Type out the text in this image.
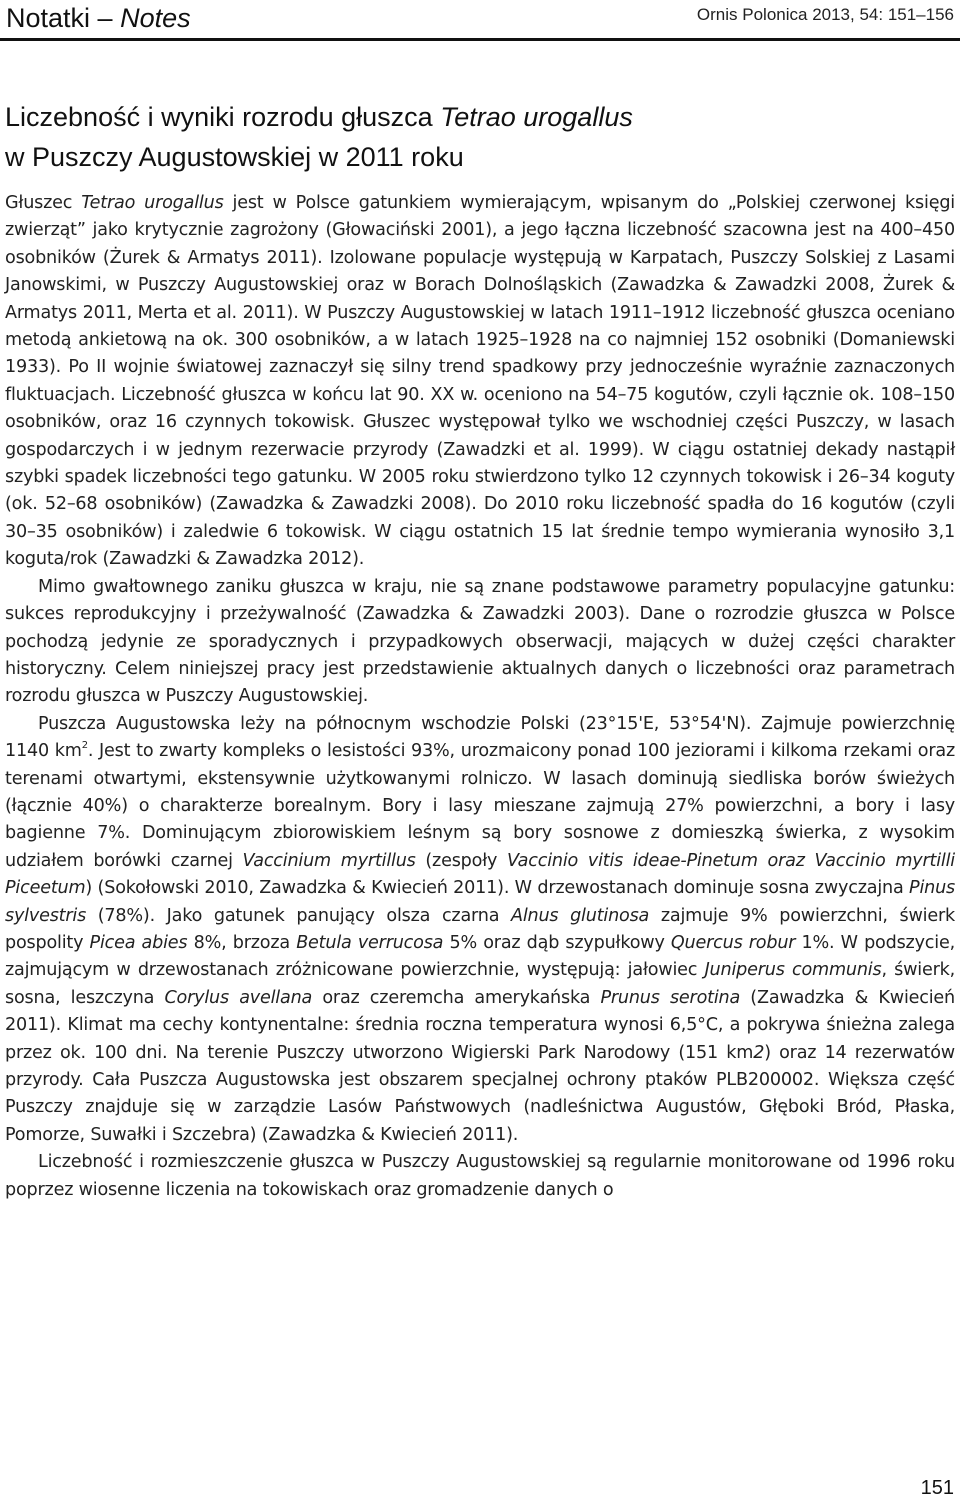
Notatki – Notes	Ornis Polonica 2013, 54: 151–156
Liczebność i wyniki rozrodu głuszca Tetrao urogallus
w Puszczy Augustowskiej w 2011 roku

Głuszec Tetrao urogallus jest w Polsce gatunkiem wymierającym, wpisanym do „Polskiej czerwonej księgi zwierząt” jako krytycznie zagrożony (Głowaciński 2001), a jego łączna liczebność szacowna jest na 400–450 osobników (Żurek & Armatys 2011). Izolowane populacje występują w Karpatach, Puszczy Solskiej z Lasami Janowskimi, w Puszczy Augustowskiej oraz w Borach Dolnośląskich (Zawadzka & Zawadzki 2008, Żurek & Armatys 2011, Merta et al. 2011). W Puszczy Augustowskiej w latach 1911–1912 liczebność głuszca oceniano metodą ankietową na ok. 300 osobników, a w latach 1925–1928 na co najmniej 152 osobniki (Domaniewski 1933). Po II wojnie światowej zaznaczył się silny trend spadkowy przy jednocześnie wyraźnie zaznaczonych fluktuacjach. Liczebność głuszca w końcu lat 90. XX w. oceniono na 54–75 kogutów, czyli łącznie ok. 108–150 osobników, oraz 16 czynnych tokowisk. Głuszec występował tylko we wschodniej części Puszczy, w lasach gospodarczych i w jednym rezerwacie przyrody (Zawadzki et al. 1999). W ciągu ostatniej dekady nastąpił szybki spadek liczebności tego gatunku. W 2005 roku stwierdzono tylko 12 czynnych tokowisk i 26–34 koguty (ok. 52–68 osobników) (Zawadzka & Zawadzki 2008). Do 2010 roku liczebność spadła do 16 kogutów (czyli 30–35 osobników) i zaledwie 6 tokowisk. W ciągu ostatnich 15 lat średnie tempo wymierania wynosiło 3,1 koguta/rok (Zawadzki & Zawadzka 2012).

Mimo gwałtownego zaniku głuszca w kraju, nie są znane podstawowe parametry populacyjne gatunku: sukces reprodukcyjny i przeżywalność (Zawadzka & Zawadzki 2003). Dane o rozrodzie głuszca w Polsce pochodzą jedynie ze sporadycznych i przypadkowych obserwacji, mających w dużej części charakter historyczny. Celem niniejszej pracy jest przedstawienie aktualnych danych o liczebności oraz parametrach rozrodu głuszca w Puszczy Augustowskiej.

Puszcza Augustowska leży na północnym wschodzie Polski (23°15'E, 53°54'N). Zajmuje powierzchnię 1140 $km^2$. Jest to zwarty kompleks o lesistości 93%, urozmaicony ponad 100 jeziorami i kilkoma rzekami oraz terenami otwartymi, ekstensywnie użytkowanymi rolniczo. W lasach dominują siedliska borów świeżych (łącznie 40%) o charakterze borealnym. Bory i lasy mieszane zajmują 27% powierzchni, a bory i lasy bagienne 7%. Dominującym zbiorowiskiem leśnym są bory sosnowe z domieszką świerka, z wysokim udziałem borówki czarnej Vaccinium myrtillus (zespoły Vaccinio vitis ideae-Pinetum oraz Vaccinio myrtilli Piceetum) (Sokołowski 2010, Zawadzka & Kwiecień 2011). W drzewostanach dominuje sosna zwyczajna Pinus sylvestris (78%). Jako gatunek panujący olsza czarna Alnus glutinosa zajmuje 9% powierzchni, świerk pospolity Picea abies 8%, brzoza Betula verrucosa 5% oraz dąb szypułkowy Quercus robur 1%. W podszycie, zajmującym w drzewostanach zróżnicowane powierzchnie, występują: jałowiec Juniperus communis, świerk, sosna, leszczyna Corylus avellana oraz czeremcha amerykańska Prunus serotina (Zawadzka & Kwiecień 2011). Klimat ma cechy kontynentalne: średnia roczna temperatura wynosi 6,5°C, a pokrywa śnieżna zalega przez ok. 100 dni. Na terenie Puszczy utworzono Wigierski Park Narodowy (151 km2) oraz 14 rezerwatów przyrody. Cała Puszcza Augustowska jest obszarem specjalnej ochrony ptaków PLB200002. Większa część Puszczy znajduje się w zarządzie Lasów Państwowych (nadleśnictwa Augustów, Głęboki Bród, Płaska, Pomorze, Suwałki i Szczebra) (Zawadzka & Kwiecień 2011).

Liczebność i rozmieszczenie głuszca w Puszczy Augustowskiej są regularnie monitorowane od 1996 roku poprzez wiosenne liczenia na tokowiskach oraz gromadzenie danych o

151
